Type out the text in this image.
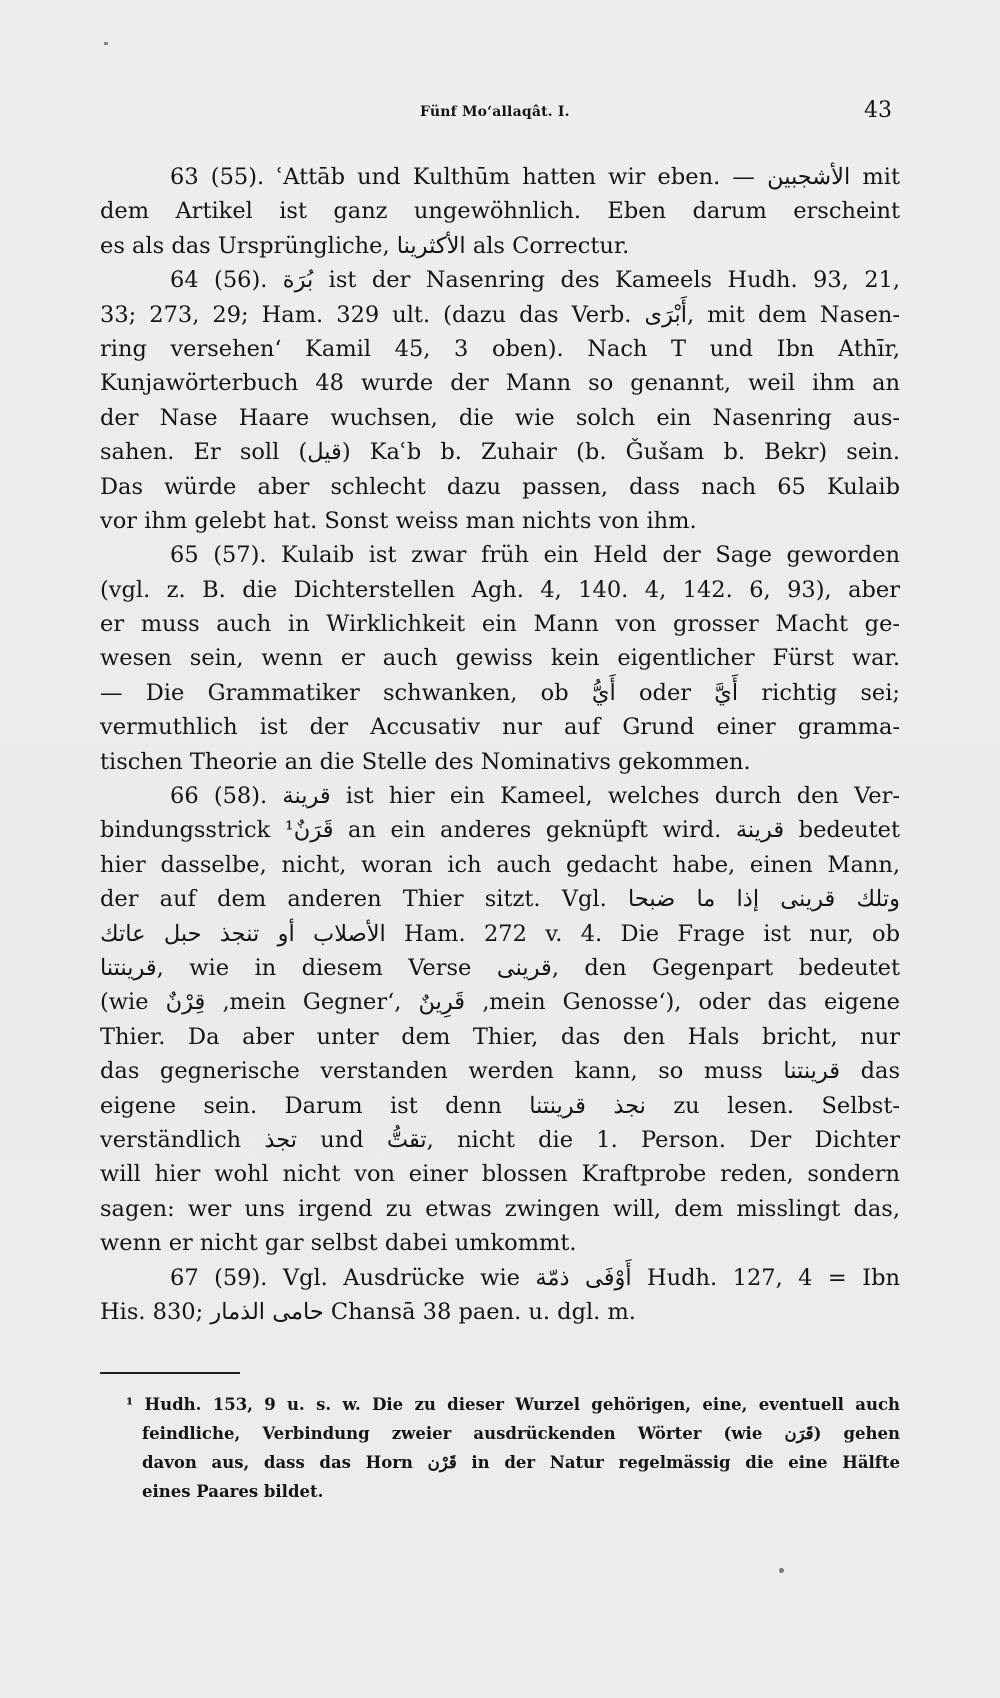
Fünf Mo‘allaqât. I.	43
63 (55). ʿAttāb und Kulthūm hatten wir eben. — الأشجبين mit
dem Artikel ist ganz ungewöhnlich. Eben darum erscheint
es als das Ursprüngliche, الأكثرينا als Correctur.
64 (56). بُرَة ist der Nasenring des Kameels Hudh. 93, 21,
33; 273, 29; Ham. 329 ult. (dazu das Verb. أَبْرَى, mit dem Nasen-
ring versehen‘ Kamil 45, 3 oben). Nach T und Ibn Athīr,
Kunjawörterbuch 48 wurde der Mann so genannt, weil ihm an
der Nase Haare wuchsen, die wie solch ein Nasenring aus-
sahen. Er soll (قيل) Kaʿb b. Zuhair (b. Ǧušam b. Bekr) sein.
Das würde aber schlecht dazu passen, dass nach 65 Kulaib
vor ihm gelebt hat. Sonst weiss man nichts von ihm.
65 (57). Kulaib ist zwar früh ein Held der Sage geworden
(vgl. z. B. die Dichterstellen Agh. 4, 140. 4, 142. 6, 93), aber
er muss auch in Wirklichkeit ein Mann von grosser Macht ge-
wesen sein, wenn er auch gewiss kein eigentlicher Fürst war.
— Die Grammatiker schwanken, ob أَيُّ oder أَيَّ richtig sei;
vermuthlich ist der Accusativ nur auf Grund einer gramma-
tischen Theorie an die Stelle des Nominativs gekommen.
66 (58). قرينة ist hier ein Kameel, welches durch den Ver-
bindungsstrick قَرَنٌ¹ an ein anderes geknüpft wird. قرينة bedeutet
hier dasselbe, nicht, woran ich auch gedacht habe, einen Mann,
der auf dem anderen Thier sitzt. Vgl. وتلك قرينى إذا ما ضبحا
الأصلاب أو تنجذ حبل عاتك Ham. 272 v. 4. Die Frage ist nur, ob
قرينتنا, wie in diesem Verse قرينى, den Gegenpart bedeutet
(wie قِرْنٌ ‚mein Gegner‘, قَرِينٌ ‚mein Genosse‘), oder das eigene
Thier. Da aber unter dem Thier, das den Hals bricht, nur
das gegnerische verstanden werden kann, so muss قرينتنا das
eigene sein. Darum ist denn نجذ قرينتنا zu lesen. Selbst-
verständlich تجذ und تقتُّ, nicht die 1. Person. Der Dichter
will hier wohl nicht von einer blossen Kraftprobe reden, sondern
sagen: wer uns irgend zu etwas zwingen will, dem misslingt das,
wenn er nicht gar selbst dabei umkommt.
67 (59). Vgl. Ausdrücke wie أَوْفَى ذمّة Hudh. 127, 4 = Ibn
His. 830; حامى الذمار Chansā 38 paen. u. dgl. m.
¹ Hudh. 153, 9 u. s. w. Die zu dieser Wurzel gehörigen, eine, eventuell auch
feindliche, Verbindung zweier ausdrückenden Wörter (wie قَرَن) gehen
davon aus, dass das Horn قَرْن in der Natur regelmässig die eine Hälfte
eines Paares bildet.
